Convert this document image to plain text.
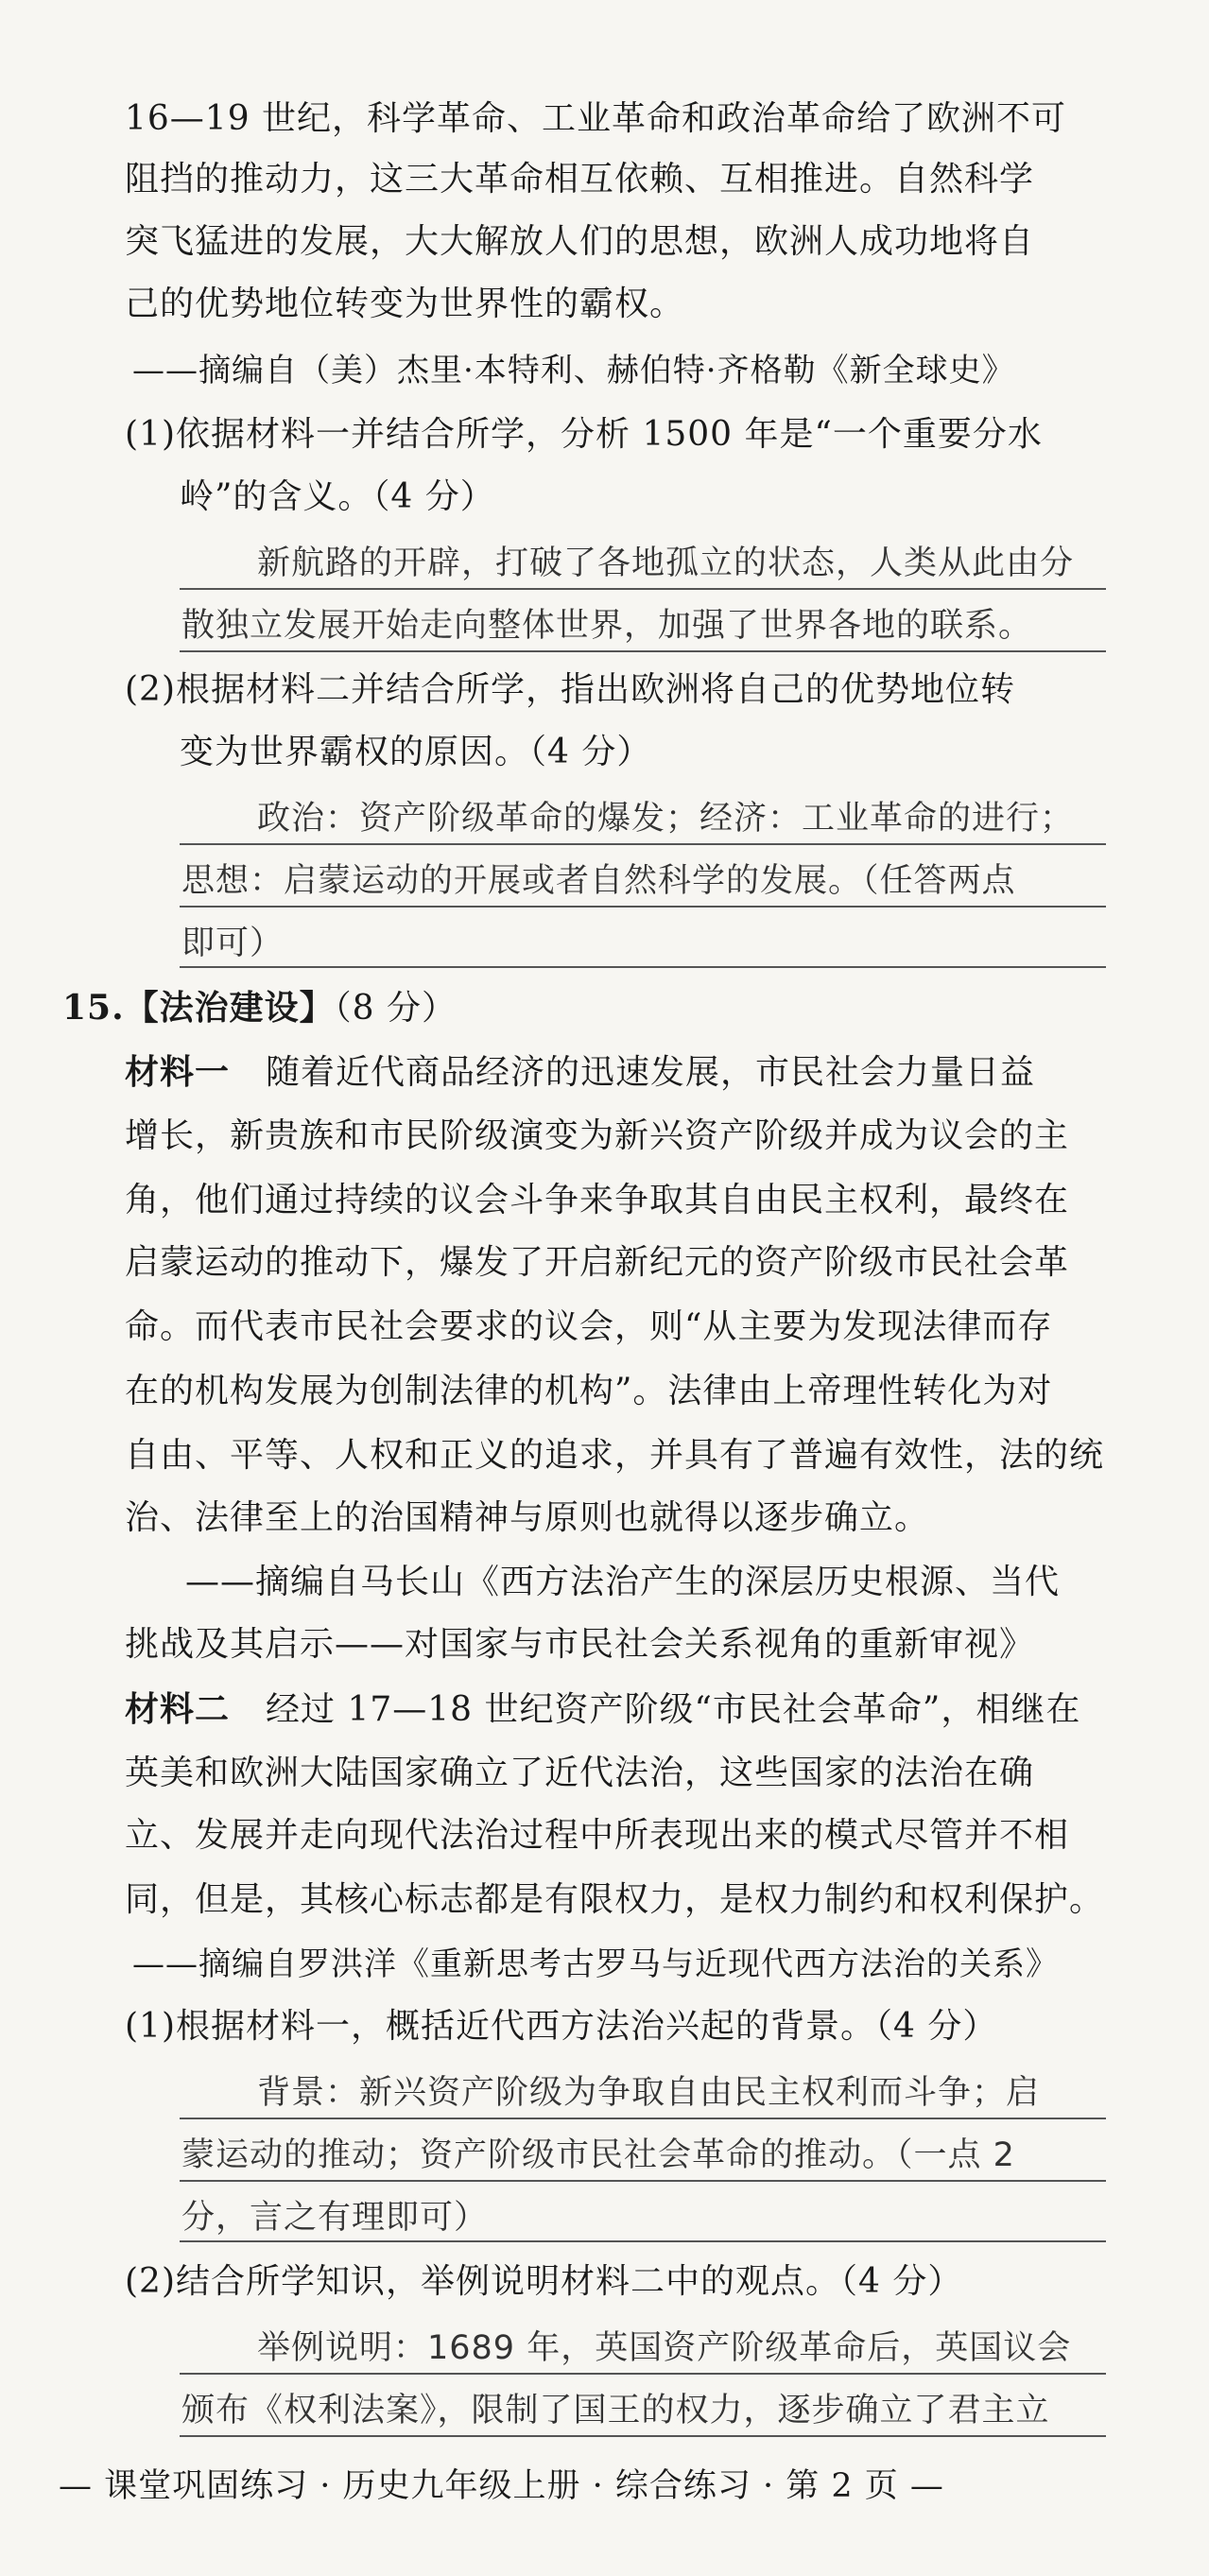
16—19 世纪，科学革命、工业革命和政治革命给了欧洲不可
阻挡的推动力，这三大革命相互依赖、互相推进。自然科学
突飞猛进的发展，大大解放人们的思想，欧洲人成功地将自
己的优势地位转变为世界性的霸权。
——摘编自（美）杰里·本特利、赫伯特·齐格勒《新全球史》
(1)依据材料一并结合所学，分析 1500 年是“一个重要分水
岭”的含义。（4 分）
新航路的开辟，打破了各地孤立的状态，人类从此由分
散独立发展开始走向整体世界，加强了世界各地的联系。
(2)根据材料二并结合所学，指出欧洲将自己的优势地位转
变为世界霸权的原因。（4 分）
政治：资产阶级革命的爆发；经济：工业革命的进行；
思想：启蒙运动的开展或者自然科学的发展。（任答两点
即可）
15.【法治建设】（8 分）
材料一 随着近代商品经济的迅速发展，市民社会力量日益
增长，新贵族和市民阶级演变为新兴资产阶级并成为议会的主
角，他们通过持续的议会斗争来争取其自由民主权利，最终在
启蒙运动的推动下，爆发了开启新纪元的资产阶级市民社会革
命。而代表市民社会要求的议会，则“从主要为发现法律而存
在的机构发展为创制法律的机构”。法律由上帝理性转化为对
自由、平等、人权和正义的追求，并具有了普遍有效性，法的统
治、法律至上的治国精神与原则也就得以逐步确立。
——摘编自马长山《西方法治产生的深层历史根源、当代
挑战及其启示——对国家与市民社会关系视角的重新审视》
材料二 经过 17—18 世纪资产阶级“市民社会革命”，相继在
英美和欧洲大陆国家确立了近代法治，这些国家的法治在确
立、发展并走向现代法治过程中所表现出来的模式尽管并不相
同，但是，其核心标志都是有限权力，是权力制约和权利保护。
——摘编自罗洪洋《重新思考古罗马与近现代西方法治的关系》
(1)根据材料一，概括近代西方法治兴起的背景。（4 分）
背景：新兴资产阶级为争取自由民主权利而斗争；启
蒙运动的推动；资产阶级市民社会革命的推动。（一点 2
分，言之有理即可）
(2)结合所学知识，举例说明材料二中的观点。（4 分）
举例说明：1689 年，英国资产阶级革命后，英国议会
颁布《权利法案》，限制了国王的权力，逐步确立了君主立
— 课堂巩固练习 · 历史九年级上册 · 综合练习 · 第 2 页 —
